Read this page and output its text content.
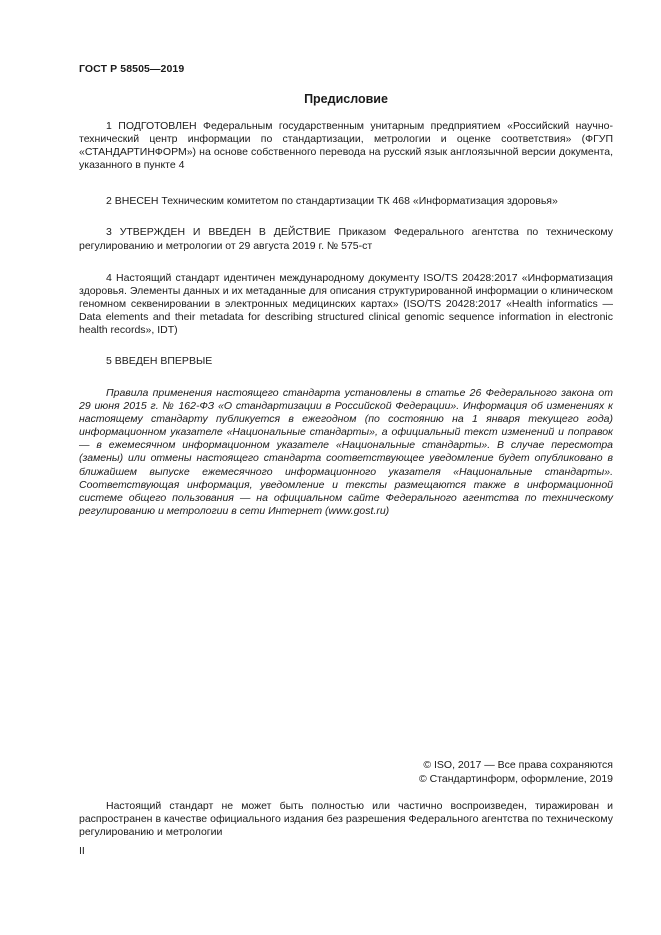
ГОСТ Р 58505—2019
Предисловие

1 ПОДГОТОВЛЕН Федеральным государственным унитарным предприятием «Российский научно-технический центр информации по стандартизации, метрологии и оценке соответствия» (ФГУП «СТАНДАРТИНФОРМ») на основе собственного перевода на русский язык англоязычной версии документа, указанного в пункте 4

2 ВНЕСЕН Техническим комитетом по стандартизации ТК 468 «Информатизация здоровья»

3 УТВЕРЖДЕН И ВВЕДЕН В ДЕЙСТВИЕ Приказом Федерального агентства по техническому регулированию и метрологии от 29 августа 2019 г. № 575-ст

4 Настоящий стандарт идентичен международному документу ISO/TS 20428:2017 «Информатизация здоровья. Элементы данных и их метаданные для описания структурированной информации о клиническом геномном секвенировании в электронных медицинских картах» (ISO/TS 20428:2017 «Health informatics — Data elements and their metadata for describing structured clinical genomic sequence information in electronic health records», IDT)

5 ВВЕДЕН ВПЕРВЫЕ

Правила применения настоящего стандарта установлены в статье 26 Федерального закона от 29 июня 2015 г. № 162-ФЗ «О стандартизации в Российской Федерации». Информация об изменениях к настоящему стандарту публикуется в ежегодном (по состоянию на 1 января текущего года) информационном указателе «Национальные стандарты», а официальный текст изменений и поправок — в ежемесячном информационном указателе «Национальные стандарты». В случае пересмотра (замены) или отмены настоящего стандарта соответствующее уведомление будет опубликовано в ближайшем выпуске ежемесячного информационного указателя «Национальные стандарты». Соответствующая информация, уведомление и тексты размещаются также в информационной системе общего пользования — на официальном сайте Федерального агентства по техническому регулированию и метрологии в сети Интернет (www.gost.ru)

© ISO, 2017 — Все права сохраняются
© Стандартинформ, оформление, 2019

Настоящий стандарт не может быть полностью или частично воспроизведен, тиражирован и распространен в качестве официального издания без разрешения Федерального агентства по техническому регулированию и метрологии

II
